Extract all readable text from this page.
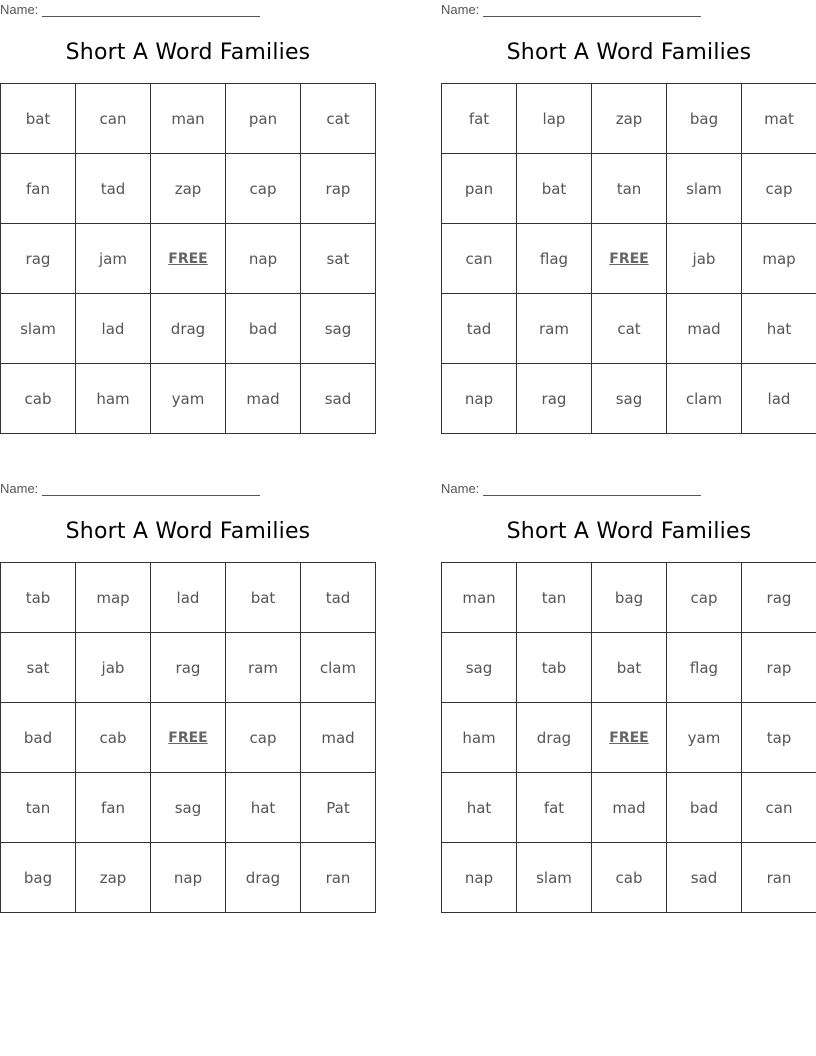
Name:
Short A Word Families
bat	can	man	pan	cat
fan	tad	zap	cap	rap
rag	jam	FREE	nap	sat
slam	lad	drag	bad	sag
cab	ham	yam	mad	sad
Name:
Short A Word Families
fat	lap	zap	bag	mat
pan	bat	tan	slam	cap
can	flag	FREE	jab	map
tad	ram	cat	mad	hat
nap	rag	sag	clam	lad
Name:
Short A Word Families
tab	map	lad	bat	tad
sat	jab	rag	ram	clam
bad	cab	FREE	cap	mad
tan	fan	sag	hat	Pat
bag	zap	nap	drag	ran
Name:
Short A Word Families
man	tan	bag	cap	rag
sag	tab	bat	flag	rap
ham	drag	FREE	yam	tap
hat	fat	mad	bad	can
nap	slam	cab	sad	ran
